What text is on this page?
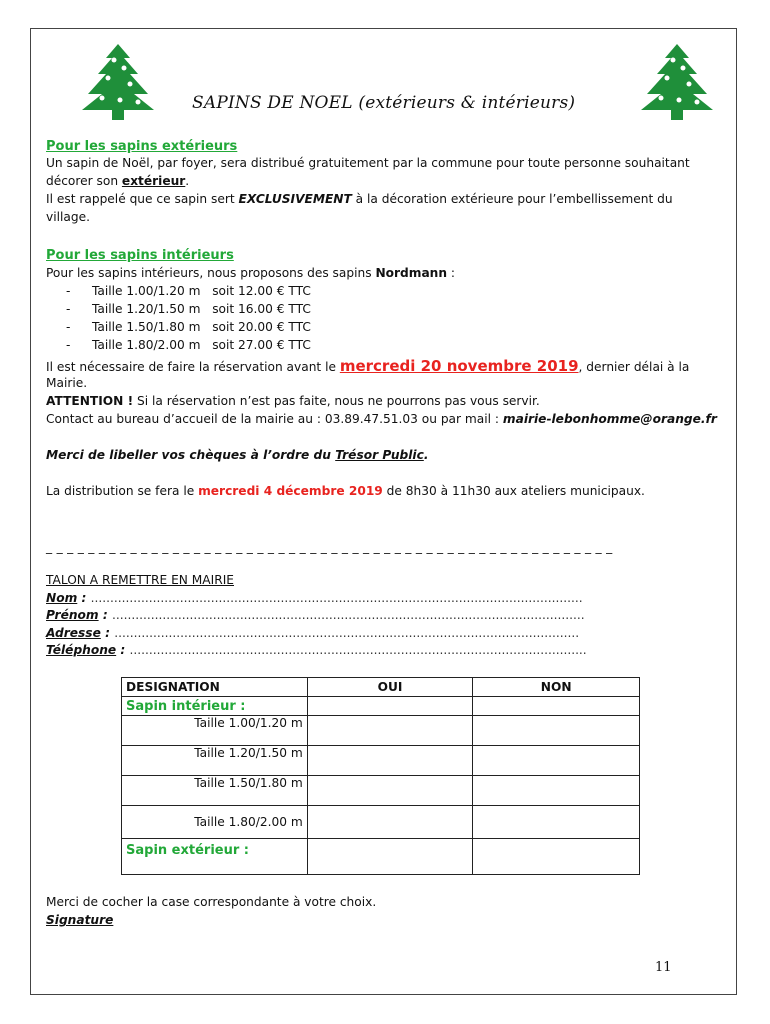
SAPINS DE NOEL (extérieurs & intérieurs)
Pour les sapins extérieurs
Un sapin de Noël, par foyer, sera distribué gratuitement par la commune pour toute personne souhaitant
décorer son extérieur.
Il est rappelé que ce sapin sert EXCLUSIVEMENT à la décoration extérieure pour l’embellissement du
village.
Pour les sapins intérieurs
Pour les sapins intérieurs, nous proposons des sapins Nordmann :
- Taille 1.00/1.20 m soit 12.00 € TTC
- Taille 1.20/1.50 m soit 16.00 € TTC
- Taille 1.50/1.80 m soit 20.00 € TTC
- Taille 1.80/2.00 m soit 27.00 € TTC
Il est nécessaire de faire la réservation avant le mercredi 20 novembre 2019, dernier délai à la
Mairie.
ATTENTION ! Si la réservation n’est pas faite, nous ne pourrons pas vous servir.
Contact au bureau d’accueil de la mairie au : 03.89.47.51.03 ou par mail : mairie-lebonhomme@orange.fr
Merci de libeller vos chèques à l’ordre du Trésor Public.
La distribution se fera le mercredi 4 décembre 2019 de 8h30 à 11h30 aux ateliers municipaux.
_ _ _ _ _ _ _ _ _ _ _ _ _ _ _ _ _ _ _ _ _ _ _ _ _ _ _ _ _ _ _ _ _ _ _ _ _ _ _ _ _ _ _ _ _ _ _ _ _ _ _ _ _ _
TALON A REMETTRE EN MAIRIE
Nom : ...............................................................................................................................
Prénom : ..........................................................................................................................
Adresse : ........................................................................................................................
Téléphone : ......................................................................................................................
DESIGNATION	OUI	NON
Sapin intérieur :		
Taille 1.00/1.20 m		
Taille 1.20/1.50 m		
Taille 1.50/1.80 m		
Taille 1.80/2.00 m		
Sapin extérieur :		
Merci de cocher la case correspondante à votre choix.
Signature
11
